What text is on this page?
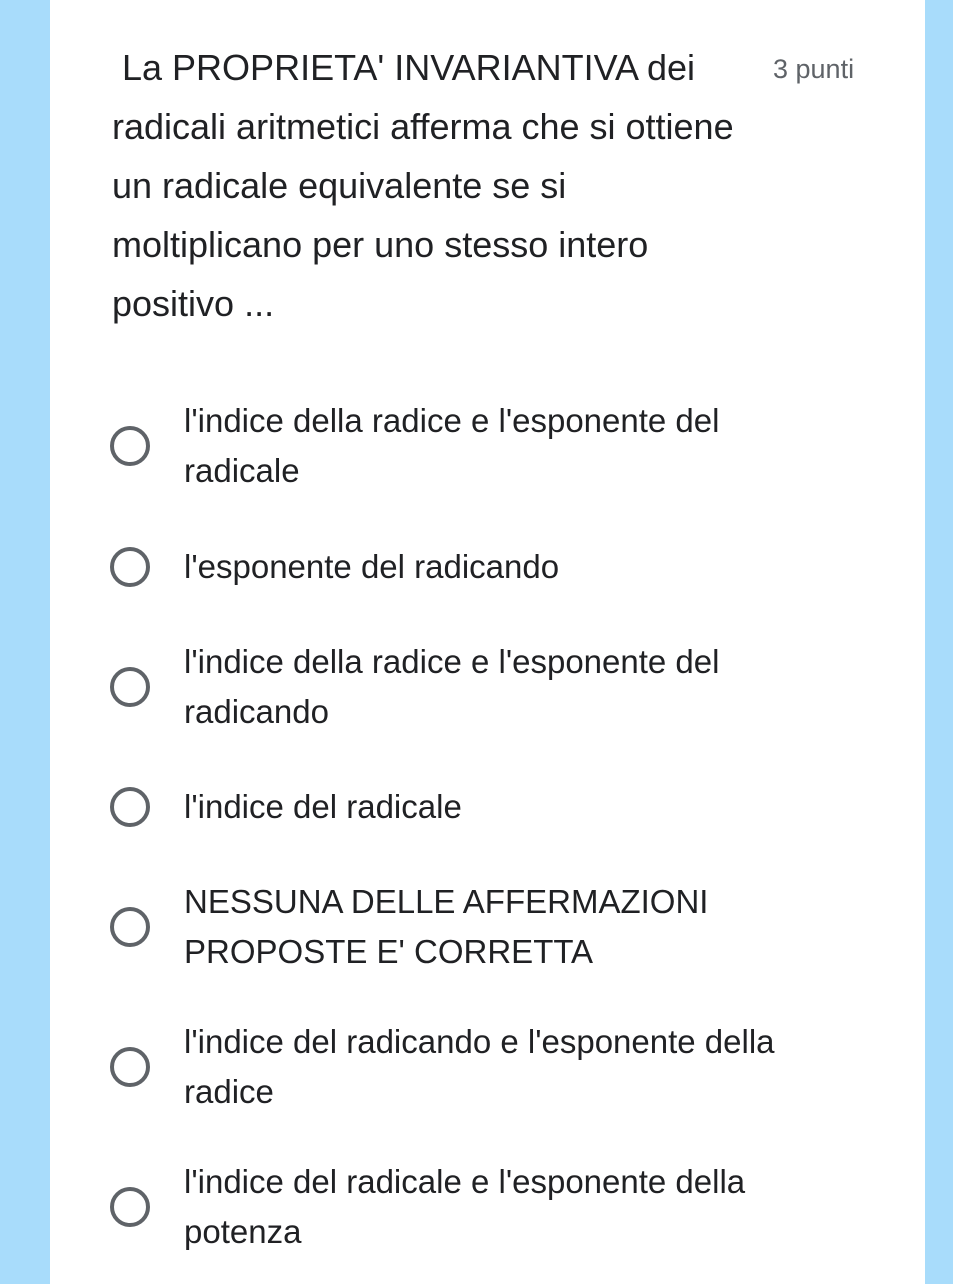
La PROPRIETA' INVARIANTIVA dei
radicali aritmetici afferma che si ottiene un radicale equivalente se si moltiplicano per uno stesso intero positivo ...
3 punti
l'indice della radice e l'esponente del radicale
l'esponente del radicando
l'indice della radice e l'esponente del radicando
l'indice del radicale
NESSUNA DELLE AFFERMAZIONI PROPOSTE E' CORRETTA
l'indice del radicando e l'esponente della radice
l'indice del radicale e l'esponente della potenza
